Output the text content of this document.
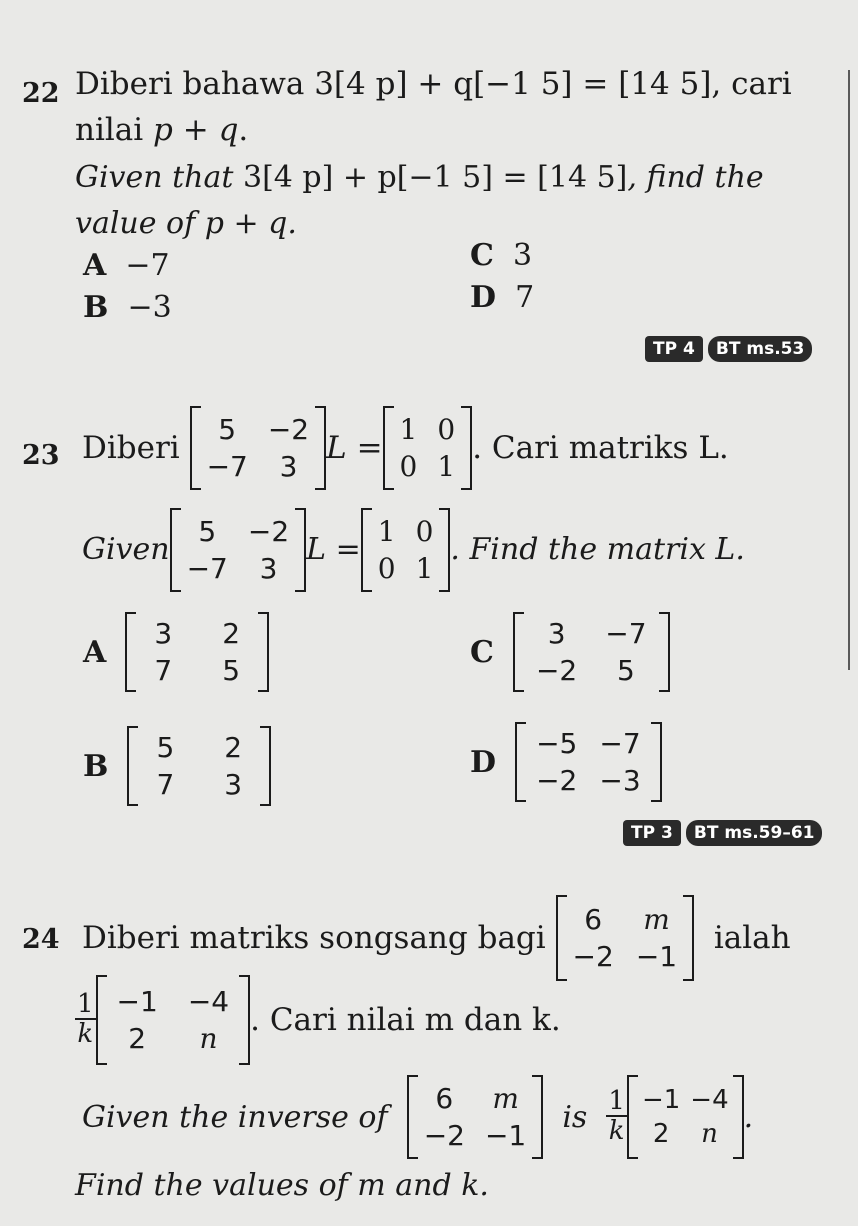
22 Diberi bahawa 3[4 p] + q[−1 5] = [14 5], cari
nilai p + q.
Given that 3[4 p] + p[−1 5] = [14 5], find the
value of p + q.
A −7
B −3
C 3
D 7
TP 4 BT ms.53
23 Diberi

5	−2
−7	3
L =
1 0
0 1
. Cari matriks L.
Given
5	−2
−7	3
L =
1 0
0 1
. Find the matrix L.
A

3 2
7 5
B

5 2
7 3
C

3	−7
−2	5
D

−5 −7
−2 −3
TP 3 BT ms.59–61
24 Diberi matriks songsang bagi

6	m
−2 −1

ialah
$\frac{1}{k} -1 -4$
2	n
. Cari nilai m dan k.
Given the inverse of

6	m
−2 −1

is
$\frac{1}{k} -1 -4$
2	n .
Find the values of m and k.
